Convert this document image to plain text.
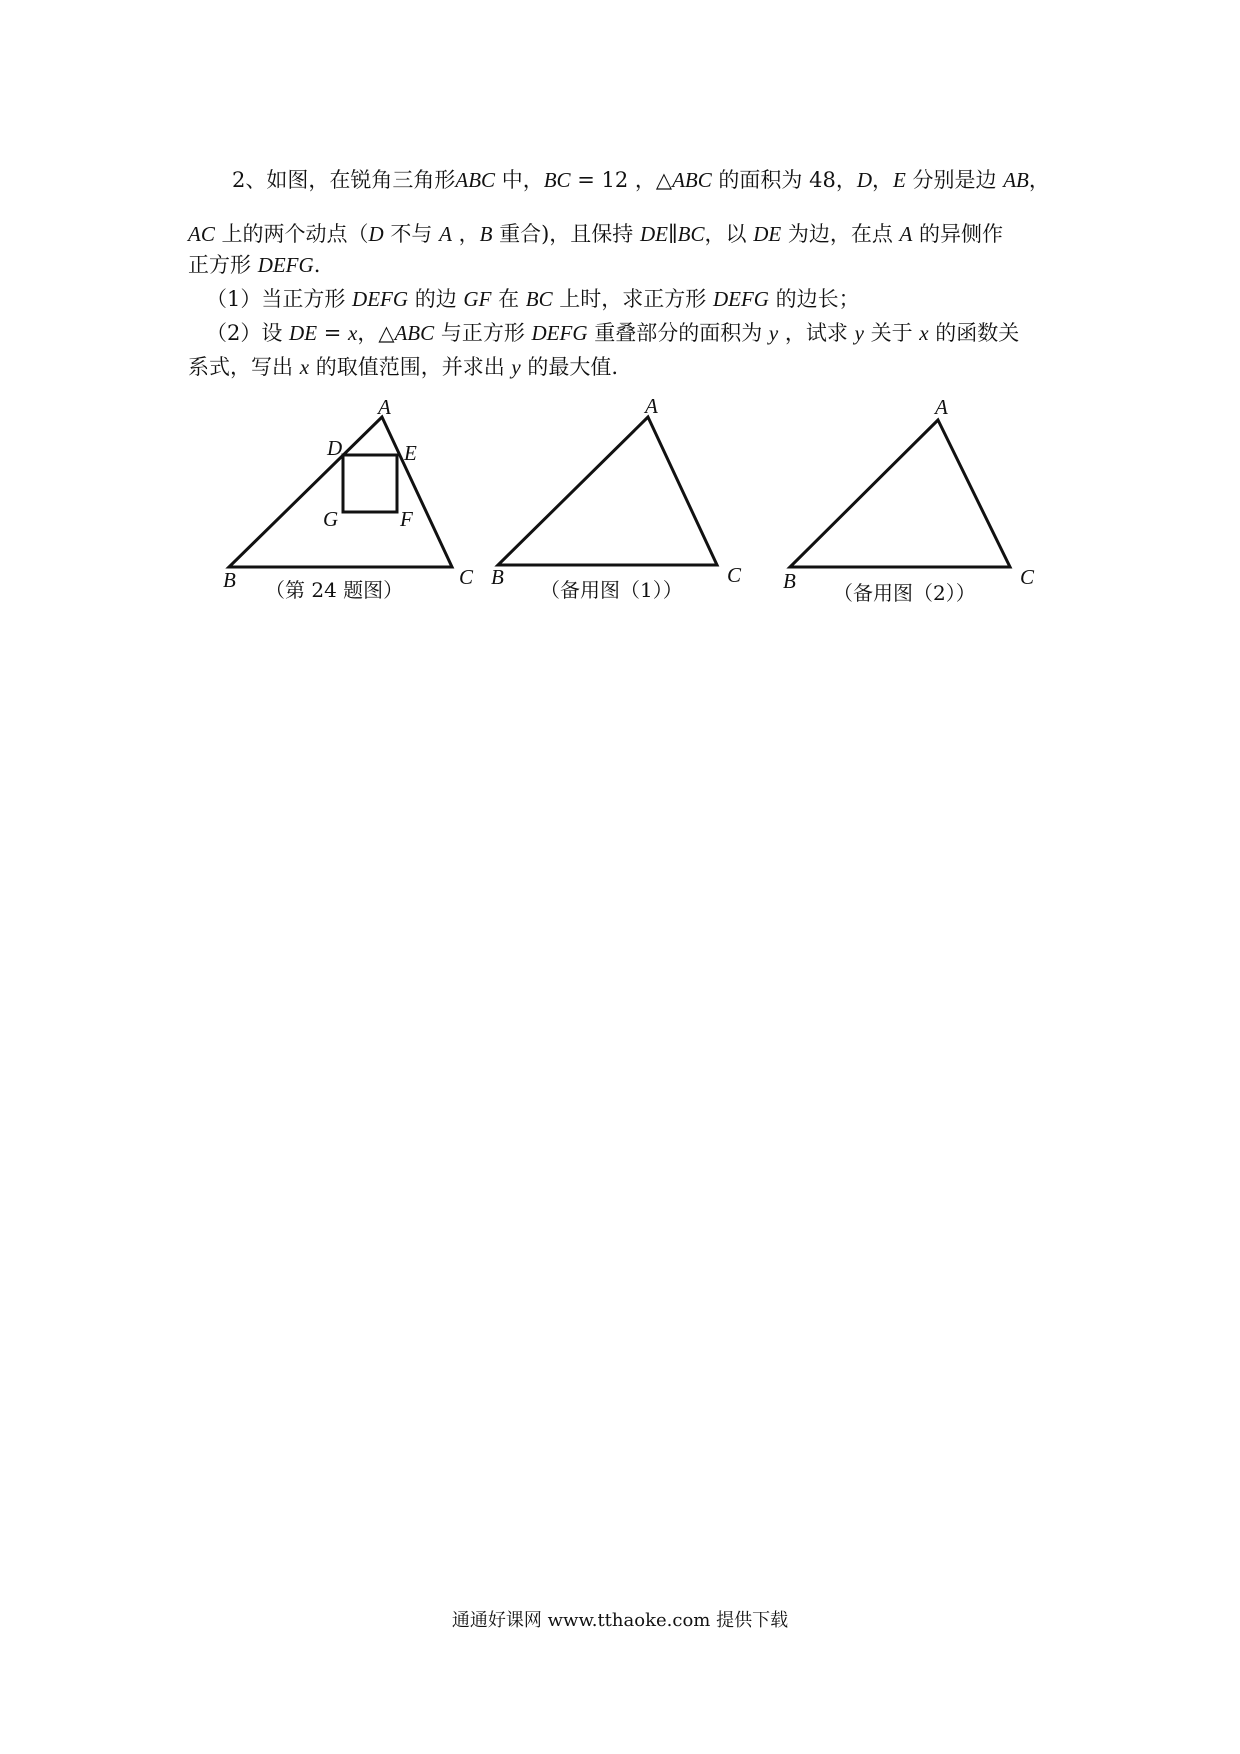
2、如图，在锐角三角形ABC 中，BC = 12 ，△ABC 的面积为 48，D，E 分别是边 AB，
AC 上的两个动点（D 不与 A ，B 重合)，且保持 DE∥BC，以 DE 为边，在点 A 的异侧作
正方形 DEFG.
（1）当正方形 DEFG 的边 GF 在 BC 上时，求正方形 DEFG 的边长；
（2）设 DE = x，△ABC 与正方形 DEFG 重叠部分的面积为 y ，试求 y 关于 x 的函数关
系式，写出 x 的取值范围，并求出 y 的最大值.
A
D	E
G	F
B	C
（第 24 题图）
A
B	C
（备用图（1））
A
B	C
（备用图（2））
通通好课网 www.tthaoke.com 提供下载
